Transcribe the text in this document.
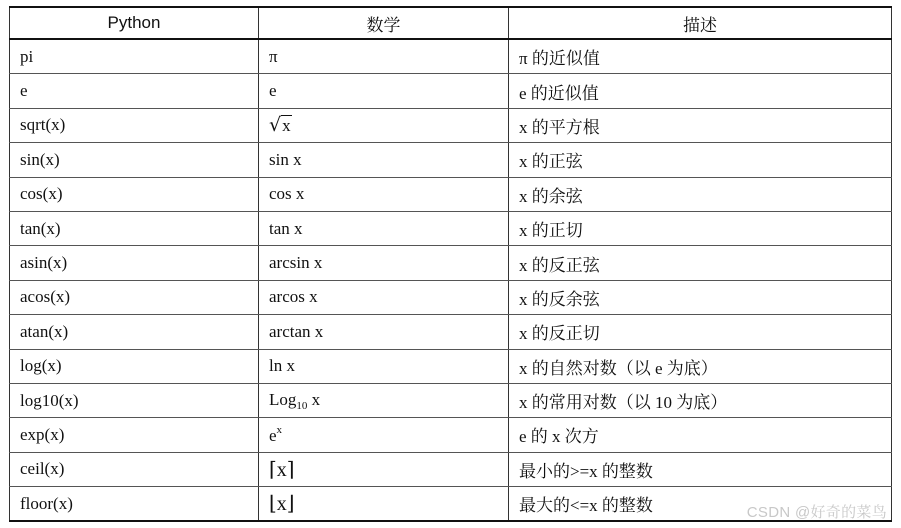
Python	数学	描述
pi	π	π 的近似值
e	e	e 的近似值
sqrt(x)	√x	x 的平方根
sin(x)	sin x	x 的正弦
cos(x)	cos x	x 的余弦
tan(x)	tan x	x 的正切
asin(x)	arcsin x	x 的反正弦
acos(x)	arcos x	x 的反余弦
atan(x)	arctan x	x 的反正切
log(x)	ln x	x 的自然对数（以 e 为底）
log10(x)	Log$_{10}$ x	x 的常用对数（以 10 为底）
exp(x)	$e^x$	e 的 x 次方
ceil(x)	⌈x⌉	最小的>=x 的整数
floor(x)	⌊x⌋	最大的<=x 的整数	CSDN @好奇的菜鸟
